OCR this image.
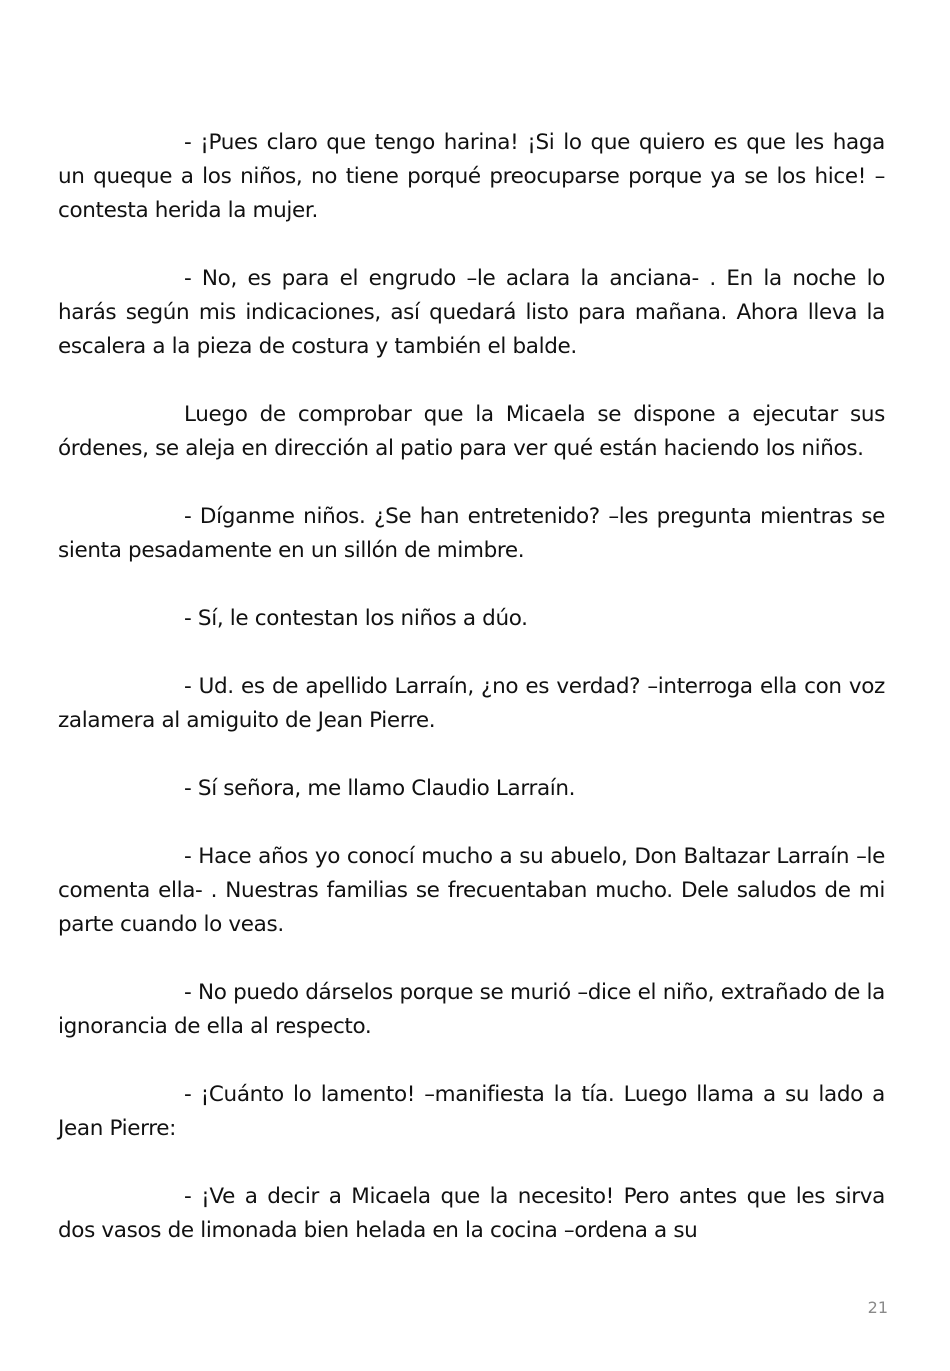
- ¡Pues claro que tengo harina! ¡Si lo que quiero es que les haga un queque a los niños, no tiene porqué preocuparse porque ya se los hice! –contesta herida la mujer.

- No, es para el engrudo –le aclara la anciana- . En la noche lo harás según mis indicaciones, así quedará listo para mañana. Ahora lleva la escalera a la pieza de costura y también el balde.

Luego de comprobar que la Micaela se dispone a ejecutar sus órdenes, se aleja en dirección al patio para ver qué están haciendo los niños.

- Díganme niños. ¿Se han entretenido? –les pregunta mientras se sienta pesadamente en un sillón de mimbre.

- Sí, le contestan los niños a dúo.

- Ud. es de apellido Larraín, ¿no es verdad? –interroga ella con voz zalamera al amiguito de Jean Pierre.

- Sí señora, me llamo Claudio Larraín.

- Hace años yo conocí mucho a su abuelo, Don Baltazar Larraín –le comenta ella- . Nuestras familias se frecuentaban mucho. Dele saludos de mi parte cuando lo veas.

- No puedo dárselos porque se murió –dice el niño, extrañado de la ignorancia de ella al respecto.

- ¡Cuánto lo lamento! –manifiesta la tía. Luego llama a su lado a Jean Pierre:

- ¡Ve a decir a Micaela que la necesito! Pero antes que les sirva dos vasos de limonada bien helada en la cocina –ordena a su

21
